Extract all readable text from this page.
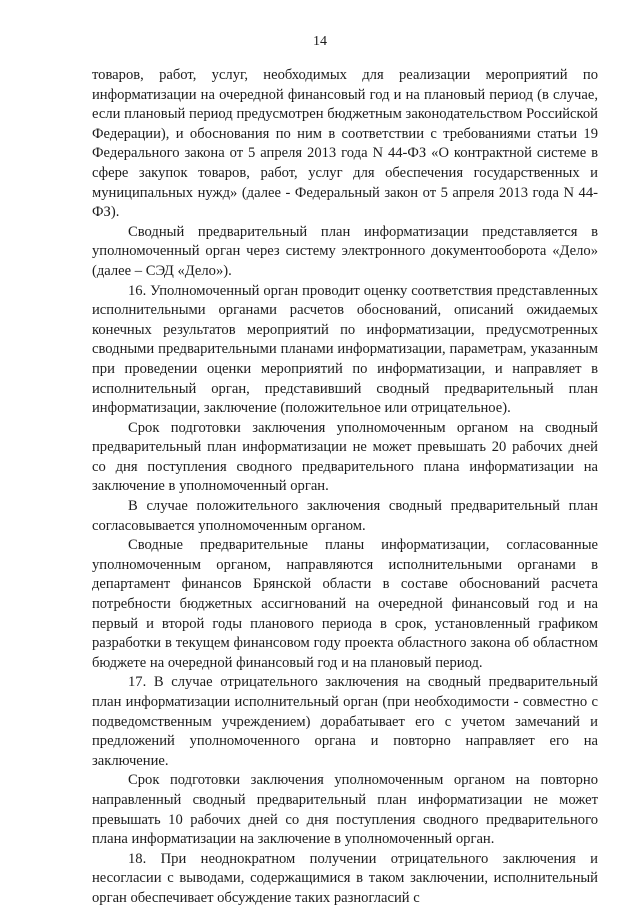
14

товаров, работ, услуг, необходимых для реализации мероприятий по информатизации на очередной финансовый год и на плановый период (в случае, если плановый период предусмотрен бюджетным законодательством Российской Федерации), и обоснования по ним в соответствии с требованиями статьи 19 Федерального закона от 5 апреля 2013 года N 44-ФЗ «О контрактной системе в сфере закупок товаров, работ, услуг для обеспечения государственных и муниципальных нужд» (далее - Федеральный закон от 5 апреля 2013 года N 44-ФЗ).

Сводный предварительный план информатизации представляется в уполномоченный орган через систему электронного документооборота «Дело» (далее – СЭД «Дело»).

16. Уполномоченный орган проводит оценку соответствия представленных исполнительными органами расчетов обоснований, описаний ожидаемых конечных результатов мероприятий по информатизации, предусмотренных сводными предварительными планами информатизации, параметрам, указанным при проведении оценки мероприятий по информатизации, и направляет в исполнительный орган, представивший сводный предварительный план информатизации, заключение (положительное или отрицательное).

Срок подготовки заключения уполномоченным органом на сводный предварительный план информатизации не может превышать 20 рабочих дней со дня поступления сводного предварительного плана информатизации на заключение в уполномоченный орган.

В случае положительного заключения сводный предварительный план согласовывается уполномоченным органом.

Сводные предварительные планы информатизации, согласованные уполномоченным органом, направляются исполнительными органами в департамент финансов Брянской области в составе обоснований расчета потребности бюджетных ассигнований на очередной финансовый год и на первый и второй годы планового периода в срок, установленный графиком разработки в текущем финансовом году проекта областного закона об областном бюджете на очередной финансовый год и на плановый период.

17. В случае отрицательного заключения на сводный предварительный план информатизации исполнительный орган (при необходимости - совместно с подведомственным учреждением) дорабатывает его с учетом замечаний и предложений уполномоченного органа и повторно направляет его на заключение.

Срок подготовки заключения уполномоченным органом на повторно направленный сводный предварительный план информатизации не может превышать 10 рабочих дней со дня поступления сводного предварительного плана информатизации на заключение в уполномоченный орган.

18. При неоднократном получении отрицательного заключения и несогласии с выводами, содержащимися в таком заключении, исполнительный орган обеспечивает обсуждение таких разногласий с
